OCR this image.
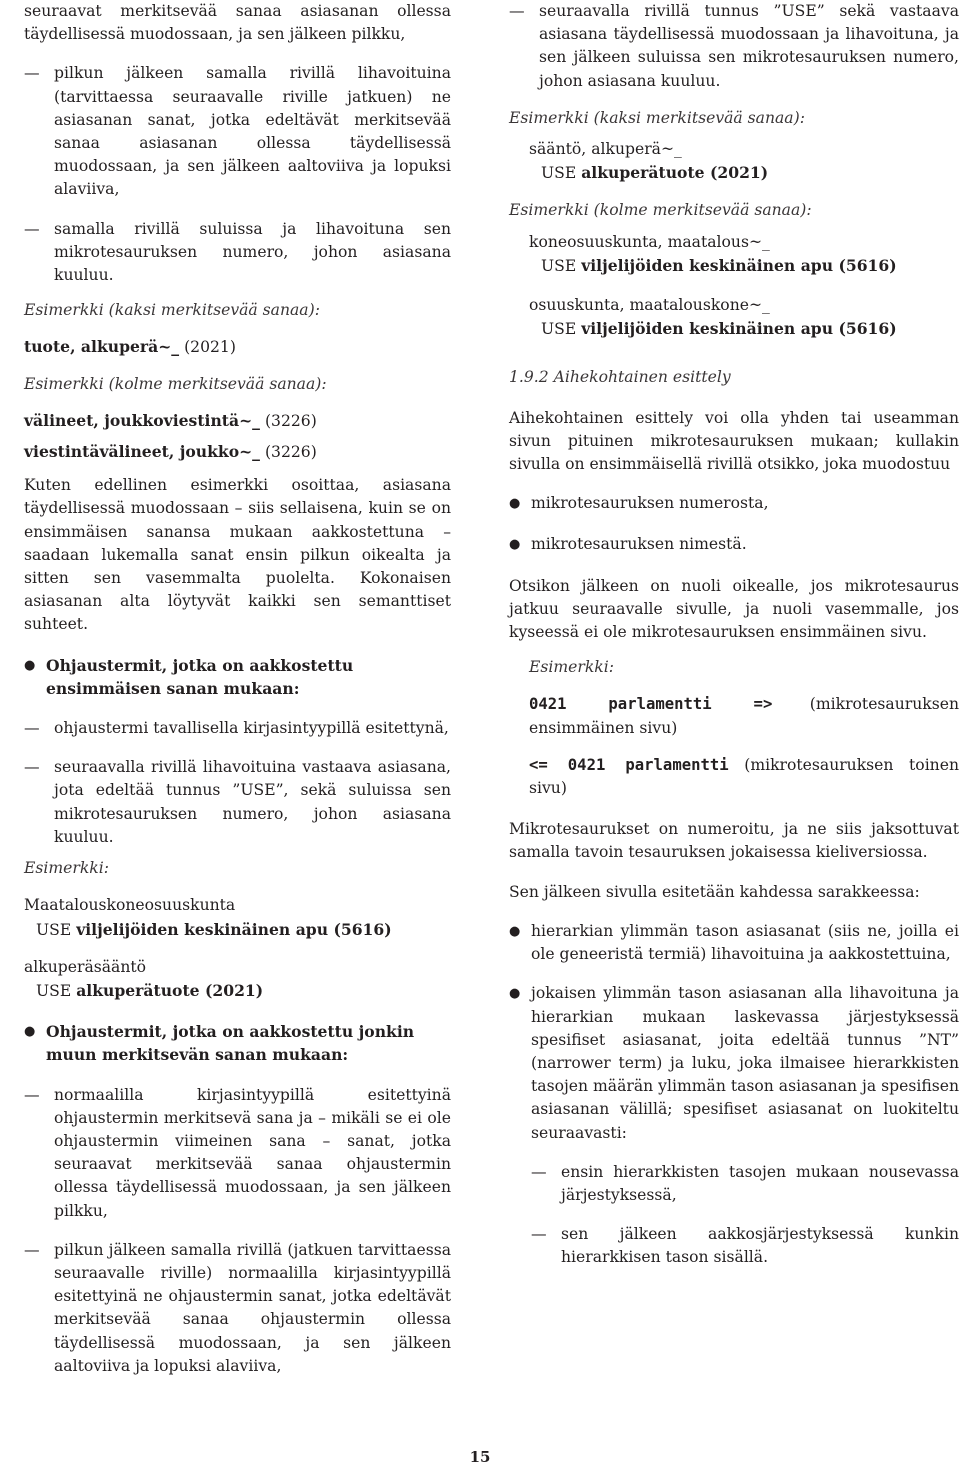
seuraavat merkitsevää sanaa asiasanan ollessa täydellisessä muodossaan, ja sen jälkeen pilkku,

— pilkun jälkeen samalla rivillä lihavoituina (tarvittaessa seuraavalle riville jatkuen) ne asiasanan sanat, jotka edeltävät merkitsevää sanaa asiasanan ollessa täydellisessä muodossaan, ja sen jälkeen aaltoviiva ja lopuksi alaviiva,
— samalla rivillä suluissa ja lihavoituna sen mikrotesauruksen numero, johon asiasana kuuluu.

Esimerkki (kaksi merkitsevää sanaa):

tuote, alkuperä~_ (2021)

Esimerkki (kolme merkitsevää sanaa):

välineet, joukkoviestintä~_ (3226)

viestintävälineet, joukko~_ (3226)

Kuten edellinen esimerkki osoittaa, asiasana täydellisessä muodossaan – siis sellaisena, kuin se on ensimmäisen sanansa mukaan aakkostettuna – saadaan lukemalla sanat ensin pilkun oikealta ja sitten sen vasemmalta puolelta. Kokonaisen asiasanan alta löytyvät kaikki sen semanttiset suhteet.

● Ohjaustermit, jotka on aakkostettu ensimmäisen sanan mukaan:
— ohjaustermi tavallisella kirjasintyypillä esitettynä,
— seuraavalla rivillä lihavoituina vastaava asiasana, jota edeltää tunnus ”USE”, sekä suluissa sen mikrotesauruksen numero, johon asiasana kuuluu.

Esimerkki:

Maatalouskoneosuuskunta

USE viljelijöiden keskinäinen apu (5616)

alkuperäsääntö

USE alkuperätuote (2021)

● Ohjaustermit, jotka on aakkostettu jonkin muun merkitsevän sanan mukaan:
— normaalilla kirjasintyypillä esitettyinä ohjaustermin merkitsevä sana ja – mikäli se ei ole ohjaustermin viimeinen sana – sanat, jotka seuraavat merkitsevää sanaa ohjaustermin ollessa täydellisessä muodossaan, ja sen jälkeen pilkku,
— pilkun jälkeen samalla rivillä (jatkuen tarvittaessa seuraavalle riville) normaalilla kirjasintyypillä esitettyinä ne ohjaustermin sanat, jotka edeltävät merkitsevää sanaa ohjaustermin ollessa täydellisessä muodossaan, ja sen jälkeen aaltoviiva ja lopuksi alaviiva,
— seuraavalla rivillä tunnus ”USE” sekä vastaava asiasana täydellisessä muodossaan ja lihavoituna, ja sen jälkeen suluissa sen mikrotesauruksen numero, johon asiasana kuuluu.

Esimerkki (kaksi merkitsevää sanaa):

sääntö, alkuperä~_

USE alkuperätuote (2021)

Esimerkki (kolme merkitsevää sanaa):

koneosuuskunta, maatalous~_

USE viljelijöiden keskinäinen apu (5616)

osuuskunta, maatalouskone~_

USE viljelijöiden keskinäinen apu (5616)

1.9.2 Aihekohtainen esittely

Aihekohtainen esittely voi olla yhden tai useamman sivun pituinen mikrotesauruksen mukaan; kullakin sivulla on ensimmäisellä rivillä otsikko, joka muodostuu

● mikrotesauruksen numerosta,
● mikrotesauruksen nimestä.

Otsikon jälkeen on nuoli oikealle, jos mikrotesaurus jatkuu seuraavalle sivulle, ja nuoli vasemmalle, jos kyseessä ei ole mikrotesauruksen ensimmäinen sivu.

Esimerkki:

0421 parlamentti => (mikrotesauruksen ensimmäinen sivu)

<= 0421 parlamentti (mikrotesauruksen toinen sivu)

Mikrotesaurukset on numeroitu, ja ne siis jaksottuvat samalla tavoin tesauruksen jokaisessa kieliversiossa.

Sen jälkeen sivulla esitetään kahdessa sarakkeessa:

● hierarkian ylimmän tason asiasanat (siis ne, joilla ei ole geneeristä termiä) lihavoituina ja aakkostettuina,
● jokaisen ylimmän tason asiasanan alla lihavoituna ja hierarkian mukaan laskevassa järjestyksessä spesifiset asiasanat, joita edeltää tunnus ”NT” (narrower term) ja luku, joka ilmaisee hierarkkisten tasojen määrän ylimmän tason asiasanan ja spesifisen asiasanan välillä; spesifiset asiasanat on luokiteltu seuraavasti:
— ensin hierarkkisten tasojen mukaan nousevassa järjestyksessä,
— sen jälkeen aakkosjärjestyksessä kunkin hierarkkisen tason sisällä.
15
